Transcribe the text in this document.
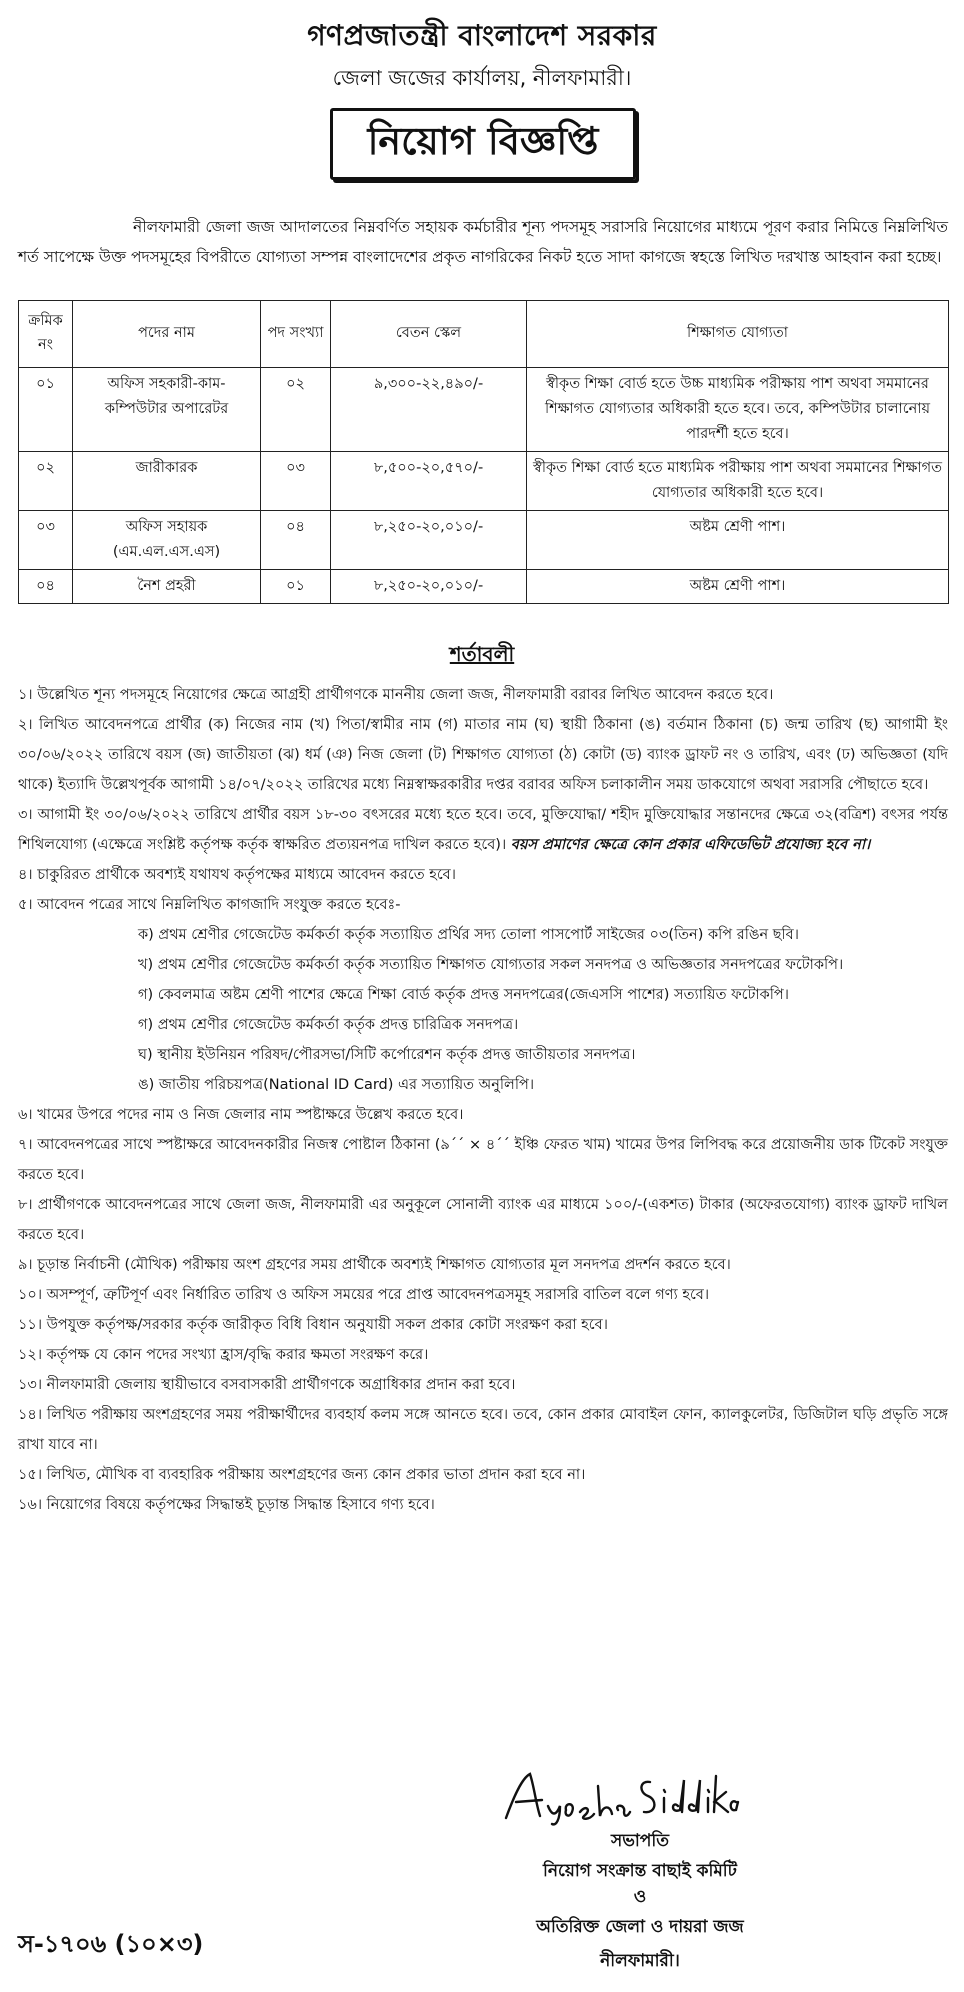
গণপ্রজাতন্ত্রী বাংলাদেশ সরকার
জেলা জজের কার্যালয়, নীলফামারী।
নিয়োগ বিজ্ঞপ্তি

নীলফামারী জেলা জজ আদালতের নিম্নবর্ণিত সহায়ক কর্মচারীর শূন্য পদসমূহ সরাসরি নিয়োগের মাধ্যমে পূরণ করার নিমিত্তে নিম্নলিখিত শর্ত সাপেক্ষে উক্ত পদসমূহের বিপরীতে যোগ্যতা সম্পন্ন বাংলাদেশের প্রকৃত নাগরিকের নিকট হতে সাদা কাগজে স্বহস্তে লিখিত দরখাস্ত আহবান করা হচ্ছে।

ক্রমিক নং	পদের নাম	পদ সংখ্যা	বেতন স্কেল	শিক্ষাগত যোগ্যতা
০১	অফিস সহকারী-কাম-কম্পিউটার অপারেটর	০২	৯,৩০০-২২,৪৯০/-	স্বীকৃত শিক্ষা বোর্ড হতে উচ্চ মাধ্যমিক পরীক্ষায় পাশ অথবা সমমানের শিক্ষাগত যোগ্যতার অধিকারী হতে হবে। তবে, কম্পিউটার চালানোয় পারদর্শী হতে হবে।
০২	জারীকারক	০৩	৮,৫০০-২০,৫৭০/-	স্বীকৃত শিক্ষা বোর্ড হতে মাধ্যমিক পরীক্ষায় পাশ অথবা সমমানের শিক্ষাগত যোগ্যতার অধিকারী হতে হবে।
০৩	অফিস সহায়ক (এম.এল.এস.এস)	০৪	৮,২৫০-২০,০১০/-	অষ্টম শ্রেণী পাশ।
০৪	নৈশ প্রহরী	০১	৮,২৫০-২০,০১০/-	অষ্টম শ্রেণী পাশ।
শর্তাবলী

১। উল্লেখিত শূন্য পদসমূহে নিয়োগের ক্ষেত্রে আগ্রহী প্রার্থীগণকে মাননীয় জেলা জজ, নীলফামারী বরাবর লিখিত আবেদন করতে হবে।

২। লিখিত আবেদনপত্রে প্রার্থীর (ক) নিজের নাম (খ) পিতা/স্বামীর নাম (গ) মাতার নাম (ঘ) স্থায়ী ঠিকানা (ঙ) বর্তমান ঠিকানা (চ) জন্ম তারিখ (ছ) আগামী ইং ৩০/০৬/২০২২ তারিখে বয়স (জ) জাতীয়তা (ঝ) ধর্ম (ঞ) নিজ জেলা (ট) শিক্ষাগত যোগ্যতা (ঠ) কোটা (ড) ব্যাংক ড্রাফট নং ও তারিখ, এবং (ঢ) অভিজ্ঞতা (যদি থাকে) ইত্যাদি উল্লেখপূর্বক আগামী ১৪/০৭/২০২২ তারিখের মধ্যে নিম্নস্বাক্ষরকারীর দপ্তর বরাবর অফিস চলাকালীন সময় ডাকযোগে অথবা সরাসরি পৌছাতে হবে।

৩। আগামী ইং ৩০/০৬/২০২২ তারিখে প্রার্থীর বয়স ১৮-৩০ বৎসরের মধ্যে হতে হবে। তবে, মুক্তিযোদ্ধা/ শহীদ মুক্তিযোদ্ধার সন্তানদের ক্ষেত্রে ৩২(বত্রিশ) বৎসর পর্যন্ত শিথিলযোগ্য (এক্ষেত্রে সংশ্লিষ্ট কর্তৃপক্ষ কর্তৃক স্বাক্ষরিত প্রত্যয়নপত্র দাখিল করতে হবে)। বয়স প্রমাণের ক্ষেত্রে কোন প্রকার এফিডেভিট প্রযোজ্য হবে না।

৪। চাকুরিরত প্রার্থীকে অবশ্যই যথাযথ কর্তৃপক্ষের মাধ্যমে আবেদন করতে হবে।

৫। আবেদন পত্রের সাথে নিম্নলিখিত কাগজাদি সংযুক্ত করতে হবেঃ-

ক) প্রথম শ্রেণীর গেজেটেড কর্মকর্তা কর্তৃক সত্যায়িত প্রর্থির সদ্য তোলা পাসপোর্ট সাইজের ০৩(তিন) কপি রঙিন ছবি।

খ) প্রথম শ্রেণীর গেজেটেড কর্মকর্তা কর্তৃক সত্যায়িত শিক্ষাগত যোগ্যতার সকল সনদপত্র ও অভিজ্ঞতার সনদপত্রের ফটোকপি।

গ) কেবলমাত্র অষ্টম শ্রেণী পাশের ক্ষেত্রে শিক্ষা বোর্ড কর্তৃক প্রদত্ত সনদপত্রের(জেএসসি পাশের) সত্যায়িত ফটোকপি।

গ) প্রথম শ্রেণীর গেজেটেড কর্মকর্তা কর্তৃক প্রদত্ত চারিত্রিক সনদপত্র।

ঘ) স্থানীয় ইউনিয়ন পরিষদ/পৌরসভা/সিটি কর্পোরেশন কর্তৃক প্রদত্ত জাতীয়তার সনদপত্র।

ঙ) জাতীয় পরিচয়পত্র(National ID Card) এর সত্যায়িত অনুলিপি।

৬। খামের উপরে পদের নাম ও নিজ জেলার নাম স্পষ্টাক্ষরে উল্লেখ করতে হবে।

৭। আবেদনপত্রের সাথে স্পষ্টাক্ষরে আবেদনকারীর নিজস্ব পোষ্টাল ঠিকানা (৯´´ × ৪´´ ইঞ্চি ফেরত খাম) খামের উপর লিপিবদ্ধ করে প্রয়োজনীয় ডাক টিকেট সংযুক্ত করতে হবে।

৮। প্রার্থীগণকে আবেদনপত্রের সাথে জেলা জজ, নীলফামারী এর অনুকূলে সোনালী ব্যাংক এর মাধ্যমে ১০০/-(একশত) টাকার (অফেরতযোগ্য) ব্যাংক ড্রাফট দাখিল করতে হবে।

৯। চূড়ান্ত নির্বাচনী (মৌখিক) পরীক্ষায় অংশ গ্রহণের সময় প্রার্থীকে অবশ্যই শিক্ষাগত যোগ্যতার মূল সনদপত্র প্রদর্শন করতে হবে।

১০। অসম্পূর্ণ, ত্রুটিপূর্ণ এবং নির্ধারিত তারিখ ও অফিস সময়ের পরে প্রাপ্ত আবেদনপত্রসমূহ সরাসরি বাতিল বলে গণ্য হবে।

১১। উপযুক্ত কর্তৃপক্ষ/সরকার কর্তৃক জারীকৃত বিধি বিধান অনুযায়ী সকল প্রকার কোটা সংরক্ষণ করা হবে।

১২। কর্তৃপক্ষ যে কোন পদের সংখ্যা হ্রাস/বৃদ্ধি করার ক্ষমতা সংরক্ষণ করে।

১৩। নীলফামারী জেলায় স্থায়ীভাবে বসবাসকারী প্রার্থীগণকে অগ্রাধিকার প্রদান করা হবে।

১৪। লিখিত পরীক্ষায় অংশগ্রহণের সময় পরীক্ষার্থীদের ব্যবহার্য কলম সঙ্গে আনতে হবে। তবে, কোন প্রকার মোবাইল ফোন, ক্যালকুলেটর, ডিজিটাল ঘড়ি প্রভৃতি সঙ্গে রাখা যাবে না।

১৫। লিখিত, মৌখিক বা ব্যবহারিক পরীক্ষায় অংশগ্রহণের জন্য কোন প্রকার ভাতা প্রদান করা হবে না।

১৬। নিয়োগের বিষয়ে কর্তৃপক্ষের সিদ্ধান্তই চূড়ান্ত সিদ্ধান্ত হিসাবে গণ্য হবে।

সভাপতি
নিয়োগ সংক্রান্ত বাছাই কমিটি
ও
স-১৭০৬ (১০×৩)
অতিরিক্ত জেলা ও দায়রা জজ
নীলফামারী।
